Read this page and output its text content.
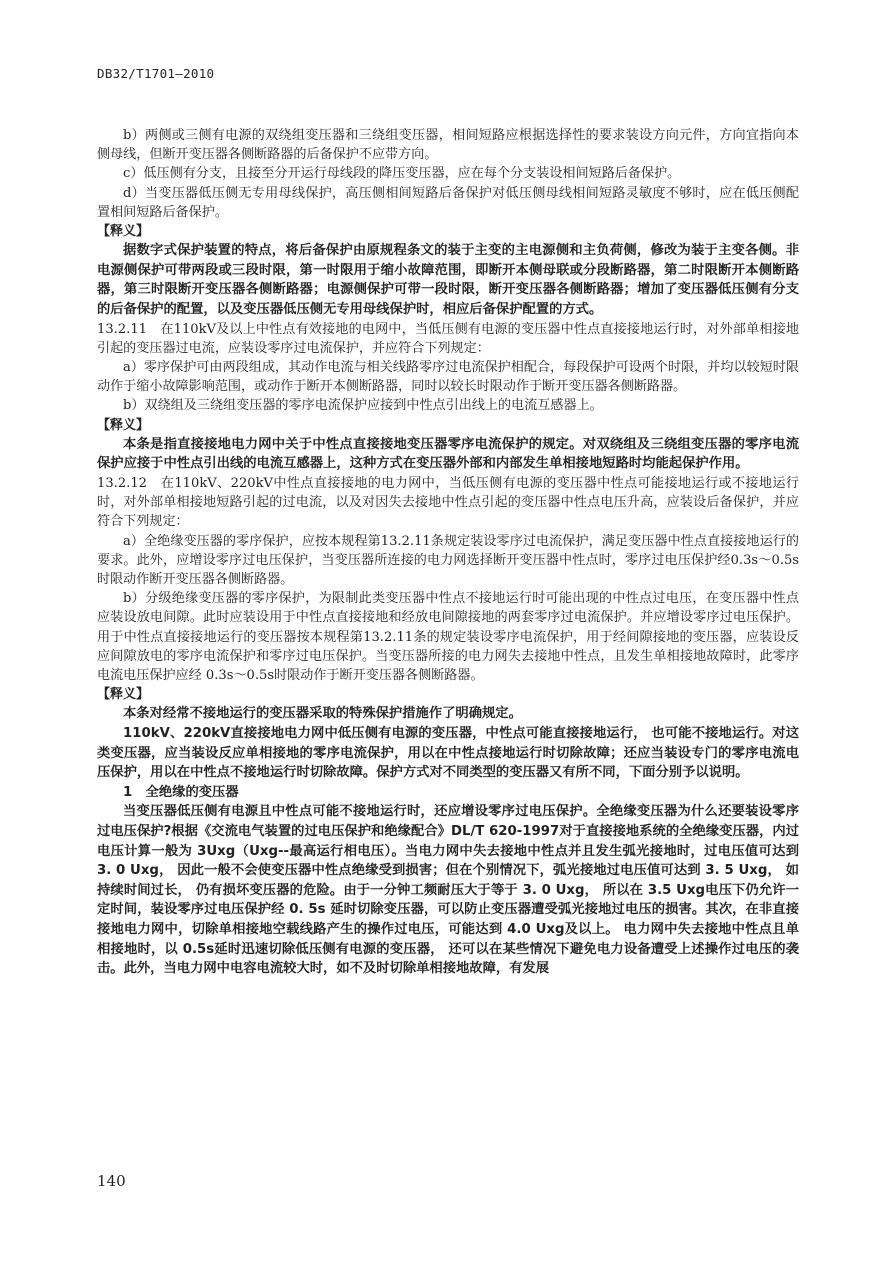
DB32/T1701—2010

b）两侧或三侧有电源的双绕组变压器和三绕组变压器，相间短路应根据选择性的要求装设方向元件，方向宜指向本侧母线，但断开变压器各侧断路器的后备保护不应带方向。

c）低压侧有分支，且接至分开运行母线段的降压变压器，应在每个分支装设相间短路后备保护。

d）当变压器低压侧无专用母线保护，高压侧相间短路后备保护对低压侧母线相间短路灵敏度不够时，应在低压侧配置相间短路后备保护。

【释义】

据数字式保护装置的特点，将后备保护由原规程条文的装于主变的主电源侧和主负荷侧，修改为装于主变各侧。非电源侧保护可带两段或三段时限，第一时限用于缩小故障范围，即断开本侧母联或分段断路器，第二时限断开本侧断路器，第三时限断开变压器各侧断路器；电源侧保护可带一段时限，断开变压器各侧断路器；增加了变压器低压侧有分支的后备保护的配置，以及变压器低压侧无专用母线保护时，相应后备保护配置的方式。

13.2.11　在110kV及以上中性点有效接地的电网中，当低压侧有电源的变压器中性点直接接地运行时，对外部单相接地引起的变压器过电流，应装设零序过电流保护，并应符合下列规定：

a）零序保护可由两段组成，其动作电流与相关线路零序过电流保护相配合，每段保护可设两个时限，并均以较短时限动作于缩小故障影响范围，或动作于断开本侧断路器，同时以较长时限动作于断开变压器各侧断路器。

b）双绕组及三绕组变压器的零序电流保护应接到中性点引出线上的电流互感器上。

【释义】

本条是指直接接地电力网中关于中性点直接接地变压器零序电流保护的规定。对双绕组及三绕组变压器的零序电流保护应接于中性点引出线的电流互感器上，这种方式在变压器外部和内部发生单相接地短路时均能起保护作用。

13.2.12　在110kV、220kV中性点直接接地的电力网中，当低压侧有电源的变压器中性点可能接地运行或不接地运行时，对外部单相接地短路引起的过电流，以及对因失去接地中性点引起的变压器中性点电压升高，应装设后备保护，并应符合下列规定：

a）全绝缘变压器的零序保护，应按本规程第13.2.11条规定装设零序过电流保护，满足变压器中性点直接接地运行的要求。此外，应增设零序过电压保护，当变压器所连接的电力网选择断开变压器中性点时，零序过电压保护经0.3s～0.5s时限动作断开变压器各侧断路器。

b）分级绝缘变压器的零序保护，为限制此类变压器中性点不接地运行时可能出现的中性点过电压，在变压器中性点应装设放电间隙。此时应装设用于中性点直接接地和经放电间隙接地的两套零序过电流保护。并应增设零序过电压保护。用于中性点直接接地运行的变压器按本规程第13.2.11条的规定装设零序电流保护，用于经间隙接地的变压器，应装设反应间隙放电的零序电流保护和零序过电压保护。当变压器所接的电力网失去接地中性点，且发生单相接地故障时，此零序电流电压保护应经 0.3s～0.5s时限动作于断开变压器各侧断路器。

【释义】

本条对经常不接地运行的变压器采取的特殊保护措施作了明确规定。

110kV、220kV直接接地电力网中低压侧有电源的变压器，中性点可能直接接地运行， 也可能不接地运行。对这类变压器，应当装设反应单相接地的零序电流保护，用以在中性点接地运行时切除故障；还应当装设专门的零序电流电压保护，用以在中性点不接地运行时切除故障。保护方式对不同类型的变压器又有所不同，下面分别予以说明。

1　全绝缘的变压器

当变压器低压侧有电源且中性点可能不接地运行时，还应增设零序过电压保护。全绝缘变压器为什么还要装设零序过电压保护?根据《交流电气装置的过电压保护和绝缘配合》DL/T 620-1997对于直接接地系统的全绝缘变压器，内过电压计算一般为 3Uxg（Uxg--最高运行相电压）。当电力网中失去接地中性点并且发生弧光接地时，过电压值可达到 3. 0 Uxg， 因此一般不会使变压器中性点绝缘受到损害；但在个别情况下，弧光接地过电压值可达到 3. 5 Uxg， 如持续时间过长， 仍有损坏变压器的危险。由于一分钟工频耐压大于等于 3. 0 Uxg， 所以在 3.5 Uxg电压下仍允许一定时间，装设零序过电压保护经 0. 5s 延时切除变压器，可以防止变压器遭受弧光接地过电压的损害。其次，在非直接接地电力网中，切除单相接地空载线路产生的操作过电压，可能达到 4.0 Uxg及以上。 电力网中失去接地中性点且单相接地时，以 0.5s延时迅速切除低压侧有电源的变压器， 还可以在某些情况下避免电力设备遭受上述操作过电压的袭击。此外，当电力网中电容电流较大时，如不及时切除单相接地故障，有发展

140
